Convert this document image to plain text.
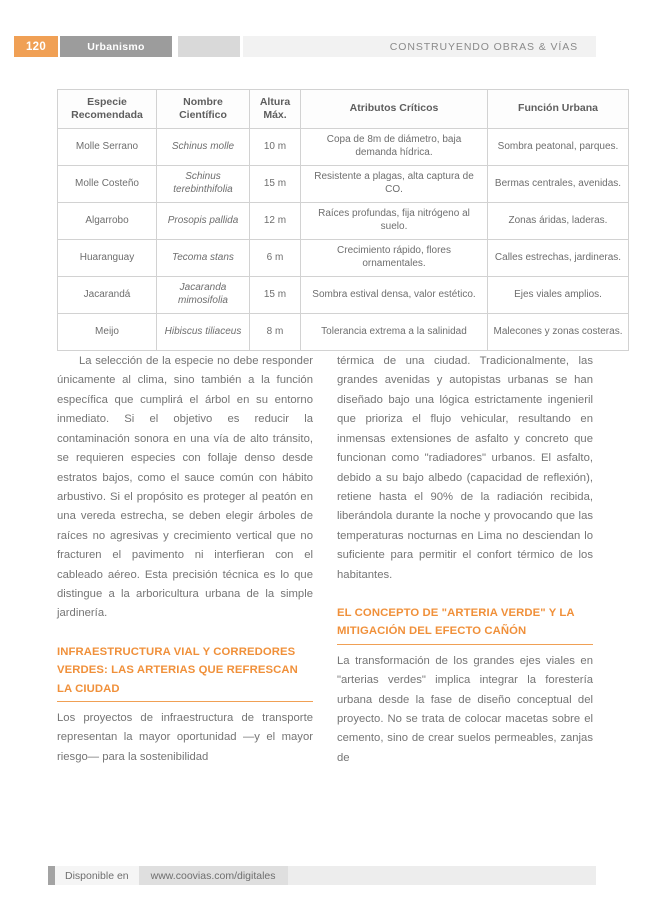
120	Urbanismo	CONSTRUYENDO OBRAS & VÍAS
Especie Recomendada	Nombre Científico	Altura Máx.	Atributos Críticos	Función Urbana
Molle Serrano	Schinus molle	10 m	Copa de 8m de diámetro, baja demanda hídrica.	Sombra peatonal, parques.
Molle Costeño	Schinus terebinthifolia	15 m	Resistente a plagas, alta captura de CO.	Bermas centrales, avenidas.
Algarrobo	Prosopis pallida	12 m	Raíces profundas, fija nitrógeno al suelo.	Zonas áridas, laderas.
Huaranguay	Tecoma stans	6 m	Crecimiento rápido, flores ornamentales.	Calles estrechas, jardineras.
Jacarandá	Jacaranda mimosifolia	15 m	Sombra estival densa, valor estético.	Ejes viales amplios.
Meijo	Hibiscus tiliaceus	8 m	Tolerancia extrema a la salinidad	Malecones y zonas costeras.

La selección de la especie no debe responder únicamente al clima, sino también a la función específica que cumplirá el árbol en su entorno inmediato. Si el objetivo es reducir la contaminación sonora en una vía de alto tránsito, se requieren especies con follaje denso desde estratos bajos, como el sauce común con hábito arbustivo. Si el propósito es proteger al peatón en una vereda estrecha, se deben elegir árboles de raíces no agresivas y crecimiento vertical que no fracturen el pavimento ni interfieran con el cableado aéreo. Esta precisión técnica es lo que distingue a la arboricultura urbana de la simple jardinería.

INFRAESTRUCTURA VIAL Y CORREDORES VERDES: LAS ARTERIAS QUE REFRESCAN LA CIUDAD

Los proyectos de infraestructura de transporte representan la mayor oportunidad —y el mayor riesgo— para la sostenibilidad

térmica de una ciudad. Tradicionalmente, las grandes avenidas y autopistas urbanas se han diseñado bajo una lógica estrictamente ingenieril que prioriza el flujo vehicular, resultando en inmensas extensiones de asfalto y concreto que funcionan como "radiadores" urbanos. El asfalto, debido a su bajo albedo (capacidad de reflexión), retiene hasta el 90% de la radiación recibida, liberándola durante la noche y provocando que las temperaturas nocturnas en Lima no desciendan lo suficiente para permitir el confort térmico de los habitantes.

EL CONCEPTO DE "ARTERIA VERDE" Y LA MITIGACIÓN DEL EFECTO CAÑÓN

La transformación de los grandes ejes viales en "arterias verdes" implica integrar la forestería urbana desde la fase de diseño conceptual del proyecto. No se trata de colocar macetas sobre el cemento, sino de crear suelos permeables, zanjas de

Disponible en	www.coovias.com/digitales
